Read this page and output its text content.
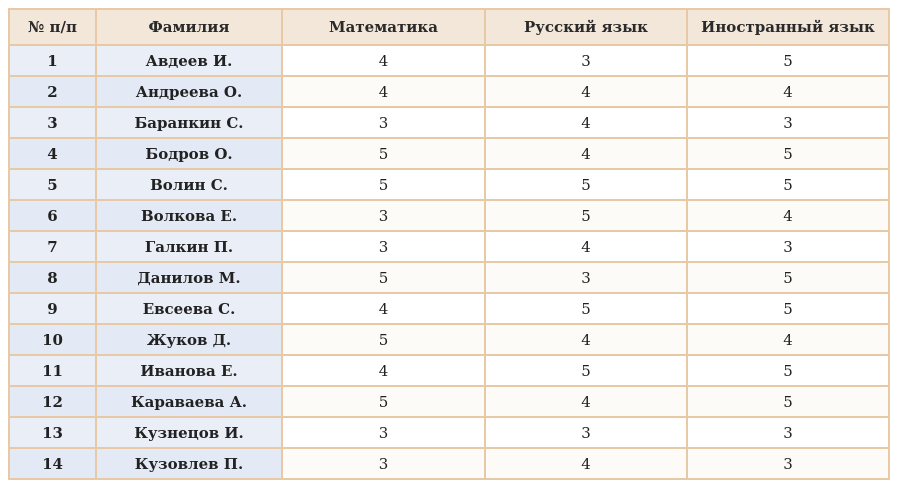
№ п/п	Фамилия	Математика	Русский язык	Иностранный язык
1	Авдеев И.	4	3	5
2	Андреева О.	4	4	4
3	Баранкин С.	3	4	3
4	Бодров О.	5	4	5
5	Волин С.	5	5	5
6	Волкова Е.	3	5	4
7	Галкин П.	3	4	3
8	Данилов М.	5	3	5
9	Евсеева С.	4	5	5
10	Жуков Д.	5	4	4
11	Иванова Е.	4	5	5
12	Караваева А.	5	4	5
13	Кузнецов И.	3	3	3
14	Кузовлев П.	3	4	3
